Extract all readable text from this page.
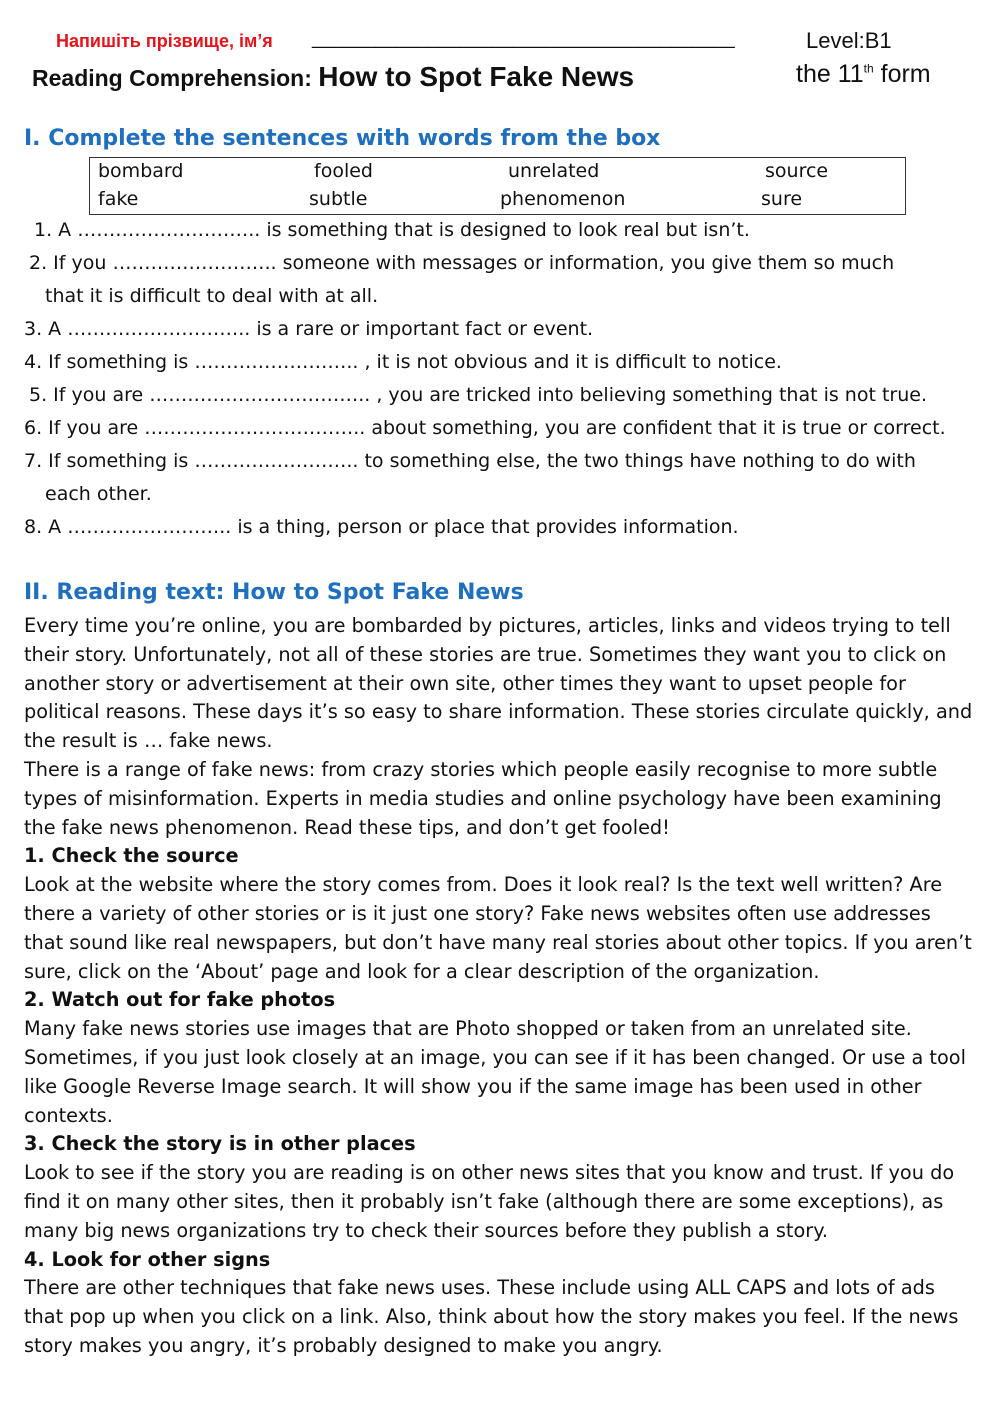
Напишіть прізвище, ім’я ________________________________________	Level:B1
Reading Comprehension: How to Spot Fake News	the 11th form
I. Complete the sentences with words from the box
bombard	fooled	unrelated	source
fake	subtle	phenomenon	sure
1. A ……………………….. is something that is designed to look real but isn’t.
2. If you …………………….. someone with messages or information, you give them so much
that it is difficult to deal with at all.
3. A ……………………….. is a rare or important fact or event.
4. If something is …………………….. , it is not obvious and it is difficult to notice.
5. If you are …………………………….. , you are tricked into believing something that is not true.
6. If you are …………………………….. about something, you are confident that it is true or correct.
7. If something is …………………….. to something else, the two things have nothing to do with
each other.
8. A …………………….. is a thing, person or place that provides information.
II. Reading text: How to Spot Fake News

Every time you’re online, you are bombarded by pictures, articles, links and videos trying to tell their story. Unfortunately, not all of these stories are true. Sometimes they want you to click on another story or advertisement at their own site, other times they want to upset people for political reasons. These days it’s so easy to share information. These stories circulate quickly, and the result is … fake news.

There is a range of fake news: from crazy stories which people easily recognise to more subtle types of misinformation. Experts in media studies and online psychology have been examining the fake news phenomenon. Read these tips, and don’t get fooled!

1. Check the source

Look at the website where the story comes from. Does it look real? Is the text well written? Are there a variety of other stories or is it just one story? Fake news websites often use addresses that sound like real newspapers, but don’t have many real stories about other topics. If you aren’t sure, click on the ‘About’ page and look for a clear description of the organization.

2. Watch out for fake photos

Many fake news stories use images that are Photo shopped or taken from an unrelated site. Sometimes, if you just look closely at an image, you can see if it has been changed. Or use a tool like Google Reverse Image search. It will show you if the same image has been used in other contexts.

3. Check the story is in other places

Look to see if the story you are reading is on other news sites that you know and trust. If you do find it on many other sites, then it probably isn’t fake (although there are some exceptions), as many big news organizations try to check their sources before they publish a story.

4. Look for other signs

There are other techniques that fake news uses. These include using ALL CAPS and lots of ads that pop up when you click on a link. Also, think about how the story makes you feel. If the news story makes you angry, it’s probably designed to make you angry.
